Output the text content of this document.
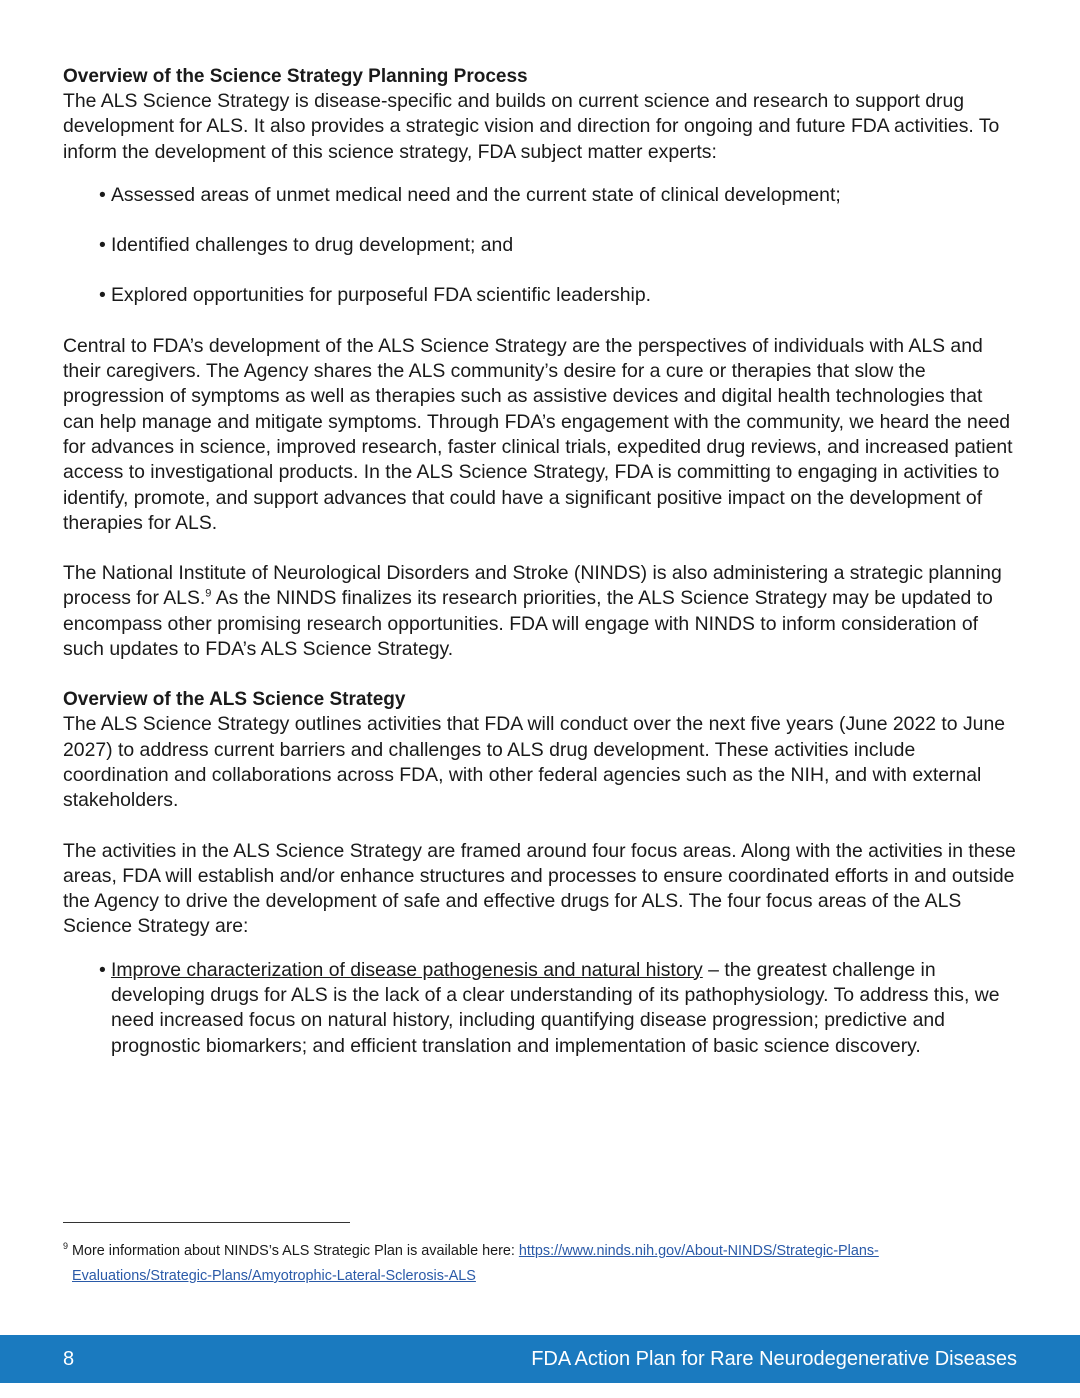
Overview of the Science Strategy Planning Process

The ALS Science Strategy is disease-specific and builds on current science and research to support drug development for ALS. It also provides a strategic vision and direction for ongoing and future FDA activities. To inform the development of this science strategy, FDA subject matter experts:

• Assessed areas of unmet medical need and the current state of clinical development;
• Identified challenges to drug development; and
• Explored opportunities for purposeful FDA scientific leadership.

Central to FDA’s development of the ALS Science Strategy are the perspectives of individuals with ALS and their caregivers. The Agency shares the ALS community’s desire for a cure or therapies that slow the progression of symptoms as well as therapies such as assistive devices and digital health technologies that can help manage and mitigate symptoms. Through FDA’s engagement with the community, we heard the need for advances in science, improved research, faster clinical trials, expedited drug reviews, and increased patient access to investigational products. In the ALS Science Strategy, FDA is committing to engaging in activities to identify, promote, and support advances that could have a significant positive impact on the development of therapies for ALS.

The National Institute of Neurological Disorders and Stroke (NINDS) is also administering a strategic planning process for ALS.$^9$ As the NINDS finalizes its research priorities, the ALS Science Strategy may be updated to encompass other promising research opportunities. FDA will engage with NINDS to inform consideration of such updates to FDA’s ALS Science Strategy.

Overview of the ALS Science Strategy

The ALS Science Strategy outlines activities that FDA will conduct over the next five years (June 2022 to June 2027) to address current barriers and challenges to ALS drug development. These activities include coordination and collaborations across FDA, with other federal agencies such as the NIH, and with external stakeholders.

The activities in the ALS Science Strategy are framed around four focus areas. Along with the activities in these areas, FDA will establish and/or enhance structures and processes to ensure coordinated efforts in and outside the Agency to drive the development of safe and effective drugs for ALS. The four focus areas of the ALS Science Strategy are:

• Improve characterization of disease pathogenesis and natural history – the greatest challenge in developing drugs for ALS is the lack of a clear understanding of its pathophysiology. To address this, we need increased focus on natural history, including quantifying disease progression; predictive and prognostic biomarkers; and efficient translation and implementation of basic science discovery.
$^9$ More information about NINDS’s ALS Strategic Plan is available here: https://www.ninds.nih.gov/About-NINDS/Strategic-Plans-
Evaluations/Strategic-Plans/Amyotrophic-Lateral-Sclerosis-ALS
8	FDA Action Plan for Rare Neurodegenerative Diseases
